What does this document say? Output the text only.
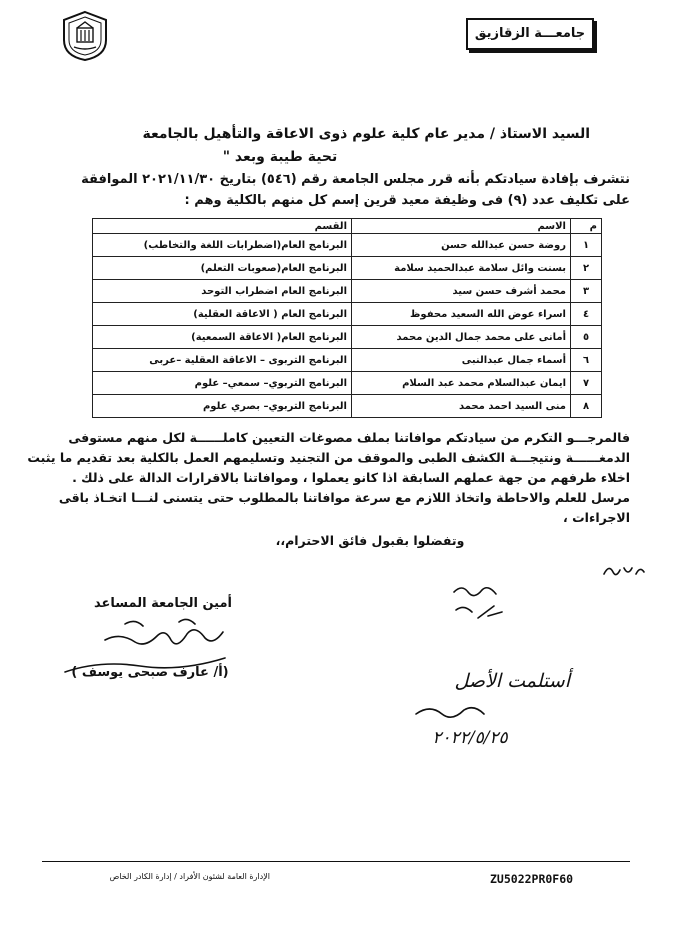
جامعـــة الزقازيق
السيد الاستاذ / مدير عام كلية علوم ذوى الاعاقة والتأهيل بالجامعة
تحية طيبة وبعد "
نتشرف بإفادة سيادتكم بأنه قرر مجلس الجامعة رقم (٥٤٦) بتاريخ ٢٠٢١/١١/٣٠ الموافقة
على تكليف عدد (٩) فى وظيفة معيد قرين إسم كل منهم بالكلية وهم :
م	الاسم	القسم
١	روضة حسن عبدالله حسن	البرنامج العام(اضطرابات اللغة والتخاطب)
٢	بسنت وائل سلامة عبدالحميد سلامة	البرنامج العام(صعوبات التعلم)
٣	محمد أشرف حسن سيد	البرنامج العام اضطراب التوحد
٤	اسراء عوض الله السعيد محفوظ	البرنامج العام ( الاعاقة العقلية)
٥	أمانى على محمد جمال الدين محمد	البرنامج العام( الاعاقة السمعية)
٦	أسماء جمال عبدالنبى	البرنامج التربوى – الاعاقة العقلية –عربى
٧	ايمان عبدالسلام محمد عبد السلام	البرنامج التربوي– سمعي– علوم
٨	منى السيد احمد محمد	البرنامج التربوي– بصري علوم
فالمرجـــو التكرم من سيادتكم موافاتنا بملف مصوغات التعيين كاملــــــة لكل منهم مستوفى
الدمغــــــة ونتيجـــة الكشف الطبى والموقف من التجنيد وتسليمهم العمل بالكلية بعد تقديم ما يثبت
اخلاء طرفهم من جهة عملهم السابقة اذا كانو يعملوا ، وموافاتنا بالاقرارات الدالة على ذلك .
مرسل للعلم والاحاطة واتخاذ اللازم مع سرعة موافاتنا بالمطلوب حتى يتسنى لنـــا اتخـاذ باقى
الاجراءات ،
وتفضلوا بقبول فائق الاحترام،،
أمين الجامعة المساعد
(أ/ عارف صبحى يوسف )	أستلمت الأصل
٢٠٢٢/٥/٢٥
ZU5022PR0F60
الإدارة العامة لشئون الأفراد / إدارة الكادر الخاص
